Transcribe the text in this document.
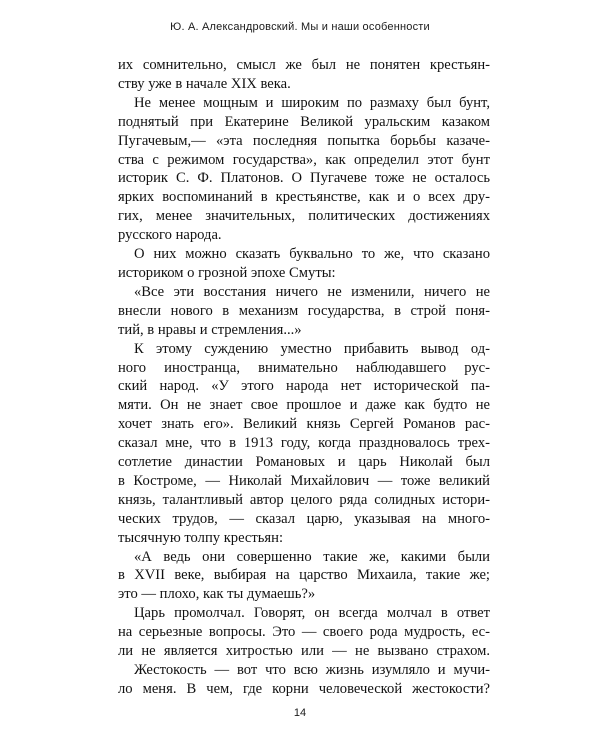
Ю. А. Александровский. Мы и наши особенности
их сомнительно, смысл же был не понятен крестьян-
ству уже в начале XIX века.
Не менее мощным и широким по размаху был бунт,
поднятый при Екатерине Великой уральским казаком
Пугачевым,— «эта последняя попытка борьбы казаче-
ства с режимом государства», как определил этот бунт
историк С. Ф. Платонов. О Пугачеве тоже не осталось
ярких воспоминаний в крестьянстве, как и о всех дру-
гих, менее значительных, политических достижениях
русского народа.
О них можно сказать буквально то же, что сказано
историком о грозной эпохе Смуты:
«Все эти восстания ничего не изменили, ничего не
внесли нового в механизм государства, в строй поня-
тий, в нравы и стремления...»
К этому суждению уместно прибавить вывод од-
ного иностранца, внимательно наблюдавшего рус-
ский народ. «У этого народа нет исторической па-
мяти. Он не знает свое прошлое и даже как будто не
хочет знать его». Великий князь Сергей Романов рас-
сказал мне, что в 1913 году, когда праздновалось трех-
сотлетие династии Романовых и царь Николай был
в Костроме, — Николай Михайлович — тоже великий
князь, талантливый автор целого ряда солидных истори-
ческих трудов, — сказал царю, указывая на много-
тысячную толпу крестьян:
«А ведь они совершенно такие же, какими были
в XVII веке, выбирая на царство Михаила, такие же;
это — плохо, как ты думаешь?»
Царь промолчал. Говорят, он всегда молчал в ответ
на серьезные вопросы. Это — своего рода мудрость, ес-
ли не является хитростью или — не вызвано страхом.
Жестокость — вот что всю жизнь изумляло и мучи-
ло меня. В чем, где корни человеческой жестокости?
14
